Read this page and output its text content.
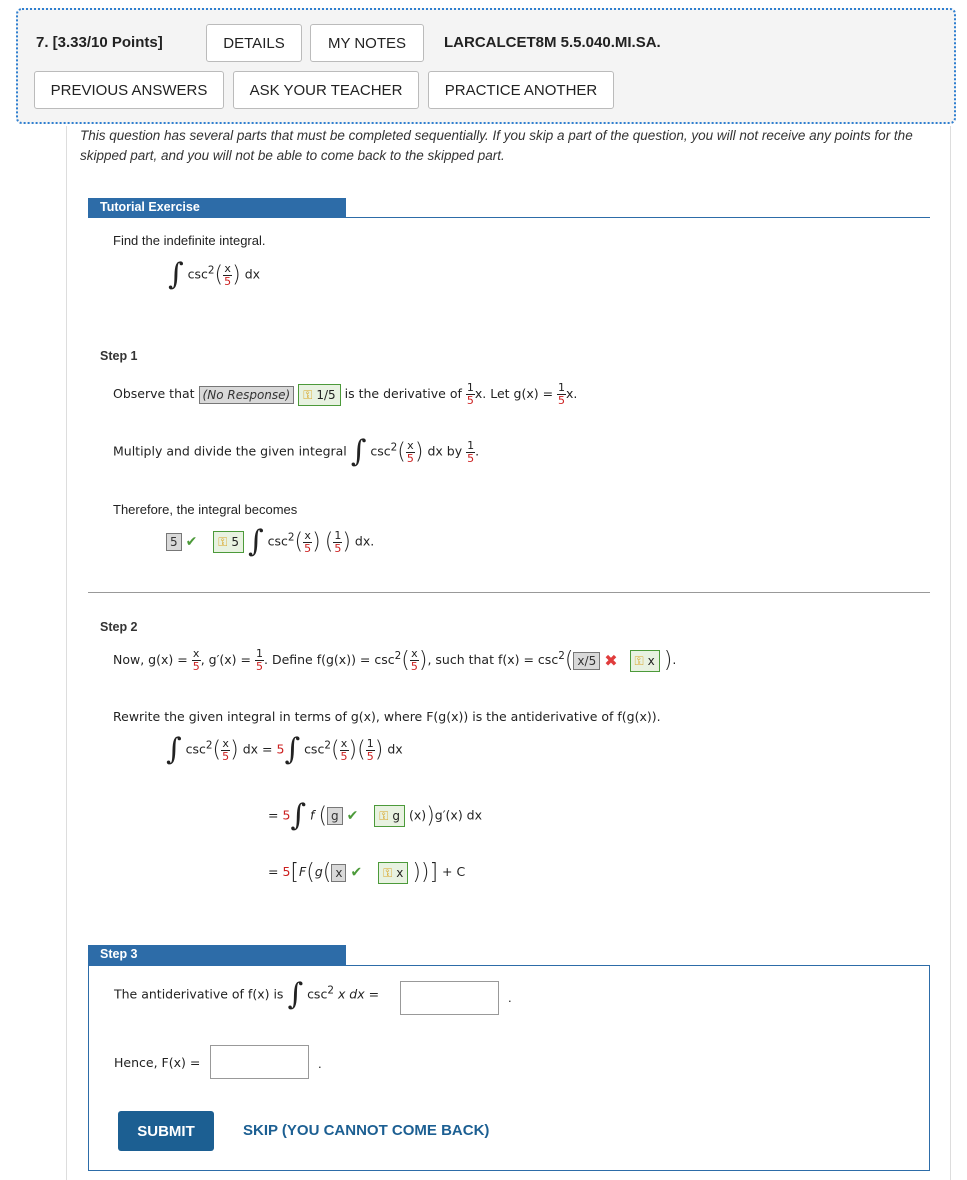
7. [3.33/10 Points]	DETAILS	MY NOTES	LARCALCET8M 5.5.040.MI.SA.
PREVIOUS ANSWERS	ASK YOUR TEACHER	PRACTICE ANOTHER
This question has several parts that must be completed sequentially. If you skip a part of the question, you will not receive any points for the skipped part, and you will not be able to come back to the skipped part.
Tutorial Exercise
Find the indefinite integral.
∫ $\csc^2( \frac{x}{5}$ ) dx
Step 1
Observe that (No Response) ⚿ 1/5 is the derivative of $\frac{1}{5} x$. Let $g(x) = \frac{1}{5} x$.
Multiply and divide the given integral ∫ $\csc^2( \frac{x}{5}$ ) dx by $\frac{1}{5}$ .
Therefore, the integral becomes
5 ✔ ⚿ 5 ∫ $\csc^2( \frac{x}{5}$ ) ( $\frac{1}{5}$ ) dx.
Step 2
Now, $g(x) = \frac{x}{5}$ , $g'(x) = \frac{1}{5}$ . Define $f(g(x)) = \csc^2( \frac{x}{5}$ ), such that $f(x) = \csc^2$( x/5 ✖ ⚿ x ).
Rewrite the given integral in terms of g(x), where F(g(x)) is the antiderivative of f(g(x)).
∫ $\csc^2( \frac{x}{5}$ ) dx = 5∫ $\csc^2( \frac{x}{5}$ )( $\frac{1}{5}$ ) dx
= 5∫ f ( g ✔ ⚿ g (x))g′(x) dx
= 5[F(g( x ✔ ⚿ x ))] + C
Step 3
The antiderivative of f(x) is ∫ $\csc^2 x$ dx =	.
Hence, F(x) =	.
SUBMIT	SKIP (YOU CANNOT COME BACK)
